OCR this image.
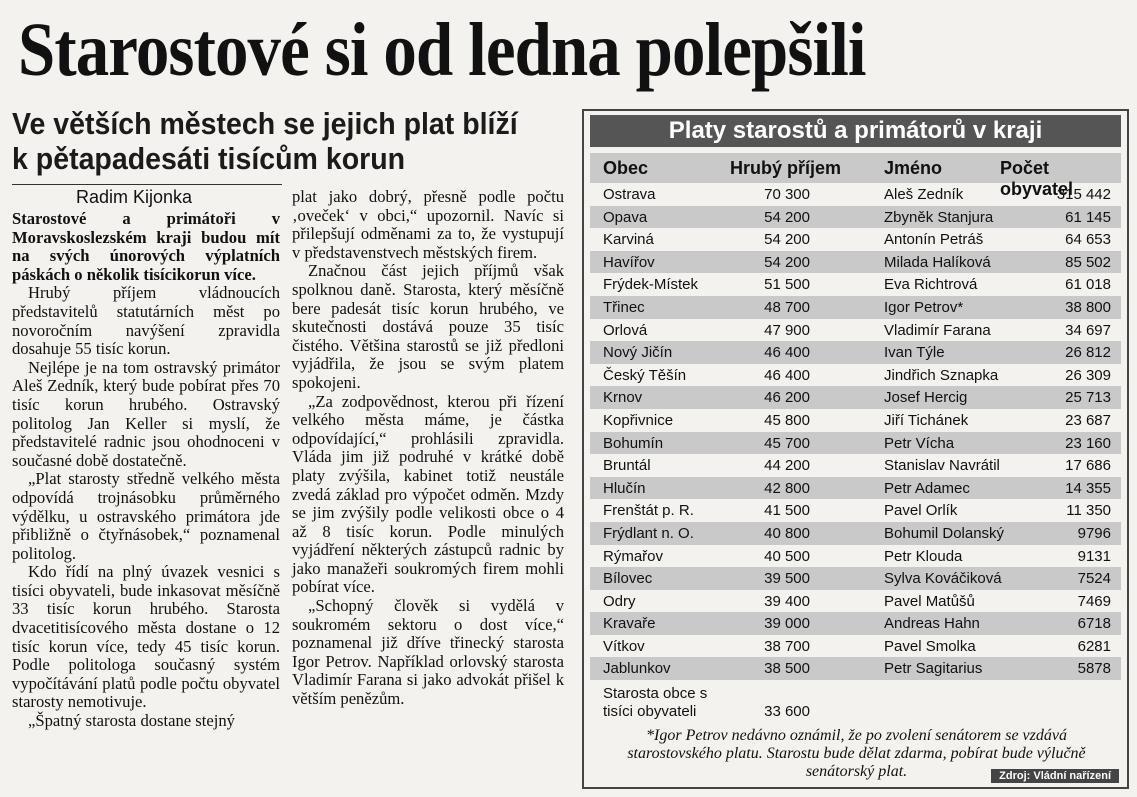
Starostové si od ledna polepšili
Ve větších městech se jejich plat blíží k pětapadesáti tisícům korun
Radim Kijonka

Starostové a primátoři v Moravskoslezském kraji budou mít na svých únorových výplatních páskách o několik tisícikorun více.

Hrubý příjem vládnoucích představitelů statutárních měst po novoročním navýšení zpravidla dosahuje 55 tisíc korun.

Nejlépe je na tom ostravský primátor Aleš Zedník, který bude pobírat přes 70 tisíc korun hrubého. Ostravský politolog Jan Keller si myslí, že představitelé radnic jsou ohodnoceni v současné době dostatečně.

„Plat starosty středně velkého města odpovídá trojnásobku průměrného výdělku, u ostravského primátora jde přibližně o čtyřnásobek,“ poznamenal politolog.

Kdo řídí na plný úvazek vesnici s tisíci obyvateli, bude inkasovat měsíčně 33 tisíc korun hrubého. Starosta dvacetitisícového města dostane o 12 tisíc korun více, tedy 45 tisíc korun. Podle politologa současný systém vypočítávání platů podle počtu obyvatel starosty nemotivuje.

„Špatný starosta dostane stejný

plat jako dobrý, přesně podle počtu ‚oveček‘ v obci,“ upozornil. Navíc si přilepšují odměnami za to, že vystupují v představenstvech městských firem.

Značnou část jejich příjmů však spolknou daně. Starosta, který měsíčně bere padesát tisíc korun hrubého, ve skutečnosti dostává pouze 35 tisíc čistého. Většina starostů se již předloni vyjádřila, že jsou se svým platem spokojeni.

„Za zodpovědnost, kterou při řízení velkého města máme, je částka odpovídající,“ prohlásili zpravidla. Vláda jim již podruhé v krátké době platy zvýšila, kabinet totiž neustále zvedá základ pro výpočet odměn. Mzdy se jim zvýšily podle velikosti obce o 4 až 8 tisíc korun. Podle minulých vyjádření některých zástupců radnic by jako manažeři soukromých firem mohli pobírat více.

„Schopný člověk si vydělá v soukromém sektoru o dost více,“ poznamenal již dříve třinecký starosta Igor Petrov. Například orlovský starosta Vladimír Farana si jako advokát přišel k větším penězům.

Platy starostů a primátorů v kraji
Obec	Hrubý příjem Jméno	Počet obyvatel
Ostrava	70 300	Aleš Zedník	315 442
Opava	54 200	Zbyněk Stanjura	61 145
Karviná	54 200	Antonín Petráš	64 653
Havířov	54 200	Milada Halíková	85 502
Frýdek-Místek	51 500	Eva Richtrová	61 018
Třinec	48 700	Igor Petrov*	38 800
Orlová	47 900	Vladimír Farana	34 697
Nový Jičín	46 400	Ivan Týle	26 812
Český Těšín	46 400	Jindřich Sznapka	26 309
Krnov	46 200	Josef Hercig	25 713
Kopřivnice	45 800	Jiří Tichánek	23 687
Bohumín	45 700	Petr Vícha	23 160
Bruntál	44 200	Stanislav Navrátil	17 686
Hlučín	42 800	Petr Adamec	14 355
Frenštát p. R.	41 500	Pavel Orlík	11 350
Frýdlant n. O.	40 800	Bohumil Dolanský	9796
Rýmařov	40 500	Petr Klouda	9131
Bílovec	39 500	Sylva Kováčiková	7524
Odry	39 400	Pavel Matůšů	7469
Kravaře	39 000	Andreas Hahn	6718
Vítkov	38 700	Pavel Smolka	6281
Jablunkov	38 500	Petr Sagitarius	5878
Starosta obce s tisíci obyvateli	33 600
*Igor Petrov nedávno oznámil, že po zvolení senátorem se vzdává starostovského platu. Starostu bude dělat zdarma, pobírat bude výlučně senátorský plat.	Zdroj: Vládní nařízení
